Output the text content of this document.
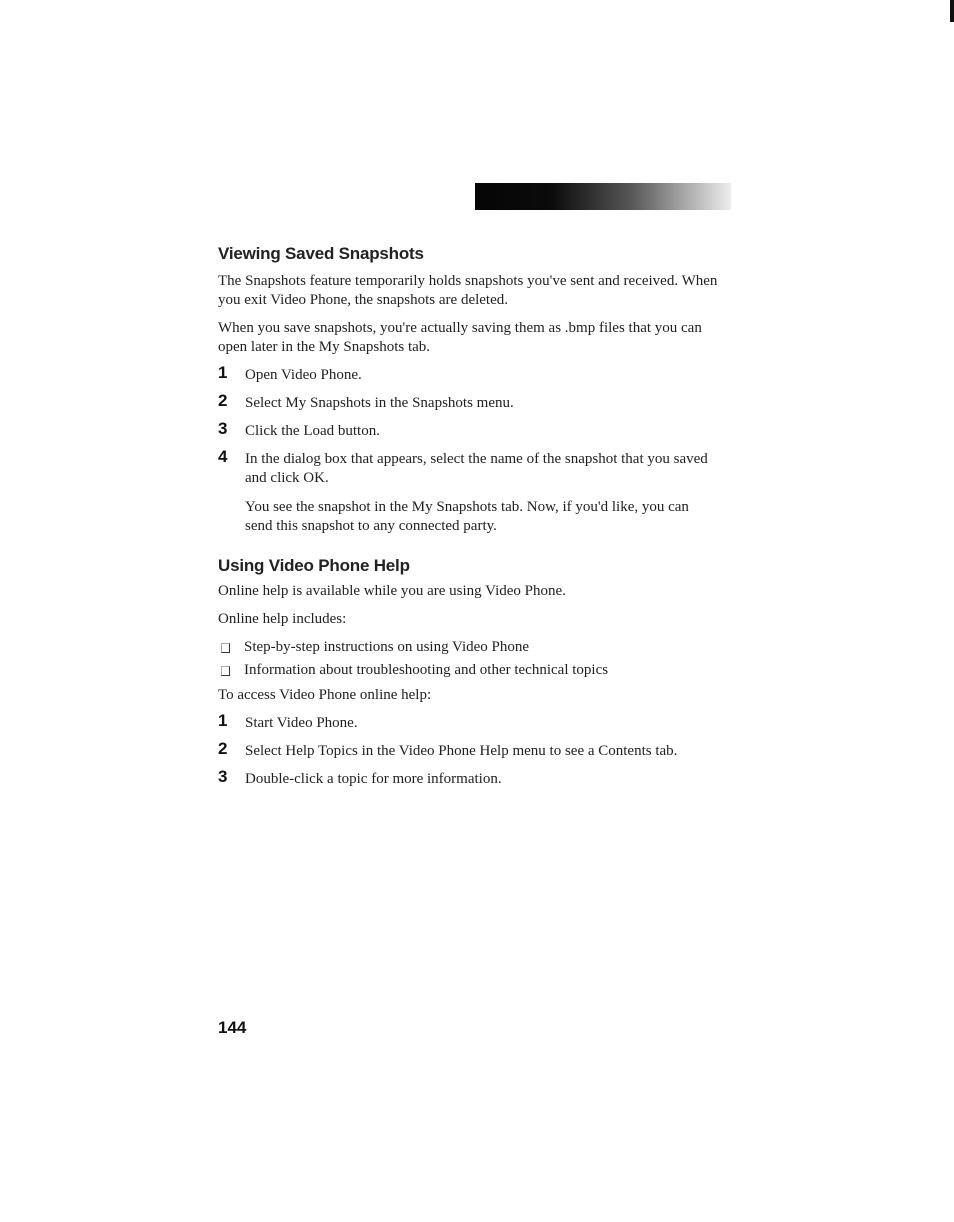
Viewing Saved Snapshots

The Snapshots feature temporarily holds snapshots you've sent and received. When you exit Video Phone, the snapshots are deleted.

When you save snapshots, you're actually saving them as .bmp files that you can open later in the My Snapshots tab.

1	Open Video Phone.
2	Select My Snapshots in the Snapshots menu.
3	Click the Load button.
4	In the dialog box that appears, select the name of the snapshot that you saved and click OK.
You see the snapshot in the My Snapshots tab. Now, if you'd like, you can send this snapshot to any connected party.
Using Video Phone Help

Online help is available while you are using Video Phone.

Online help includes:

Step-by-step instructions on using Video Phone
Information about troubleshooting and other technical topics

To access Video Phone online help:

1	Start Video Phone.
2	Select Help Topics in the Video Phone Help menu to see a Contents tab.
3	Double-click a topic for more information.
144
